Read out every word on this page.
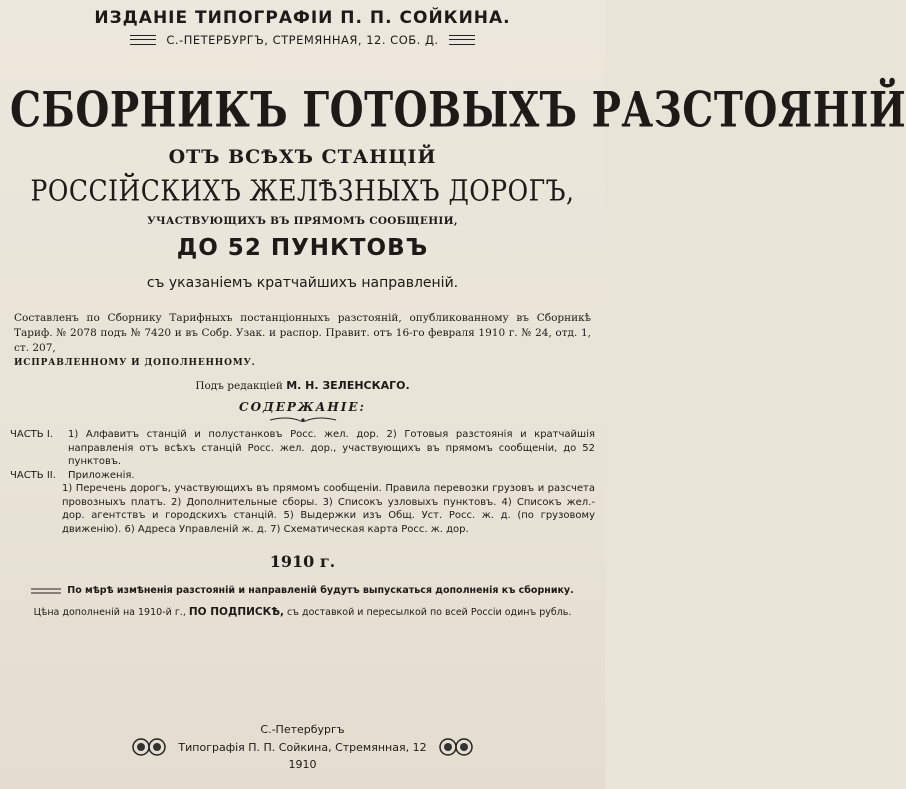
ИЗДАНІЕ ТИПОГРАФІИ П. П. СОЙКИНА.

С.-ПЕТЕРБУРГЪ, СТРЕМЯННАЯ, 12. СОБ. Д.
СБОРНИКЪ ГОТОВЫХЪ РАЗСТОЯНІЙ
ОТЪ ВСѢХЪ СТАНЦІЙ
РОССІЙСКИХЪ ЖЕЛѢЗНЫХЪ ДОРОГЪ,
УЧАСТВУЮЩИХЪ ВЪ ПРЯМОМЪ СООБЩЕНІИ,
ДО 52 ПУНКТОВЪ
съ указаніемъ кратчайшихъ направленій.
Составленъ по Сборнику Тарифныхъ постанціонныхъ разстояній, опубликованному въ Сборникѣ Тариф. № 2078 подъ № 7420 и въ Собр. Узак. и распор. Правит. отъ 16-го февраля 1910 г. № 24, отд. 1, ст. 207,
ИСПРАВЛЕННОМУ И ДОПОЛНЕННОМУ.
Подъ редакціей М. Н. ЗЕЛЕНСКАГО.
СОДЕРЖАНІЕ:
ЧАСТЬ I.	1) Алфавитъ станцій и полустанковъ Росс. жел. дор. 2) Готовыя разстоянія и кратчайшія направленія отъ всѣхъ станцій Росс. жел. дор., участвующихъ въ прямомъ сообщеніи, до 52 пунктовъ.
ЧАСТЬ II.	Приложенія.
1) Перечень дорогъ, участвующихъ въ прямомъ сообщеніи. Правила перевозки грузовъ и разсчета провозныхъ платъ. 2) Дополнительные сборы. 3) Списокъ узловыхъ пунктовъ. 4) Списокъ жел.-дор. агентствъ и городскихъ станцій. 5) Выдержки изъ Общ. Уст. Росс. ж. д. (по грузовому движенію). 6) Адреса Управленій ж. д. 7) Схематическая карта Росс. ж. дор.
1910 г.
По мѣрѣ измѣненія разстояній и направленій будутъ выпускаться дополненія къ сборнику.
Цѣна дополненій на 1910-й г., ПО ПОДПИСКѢ, съ доставкой и пересылкой по всей Россіи одинъ рубль.
С.-Петербургъ
Типографія П. П. Сойкина, Стремянная, 12
1910
